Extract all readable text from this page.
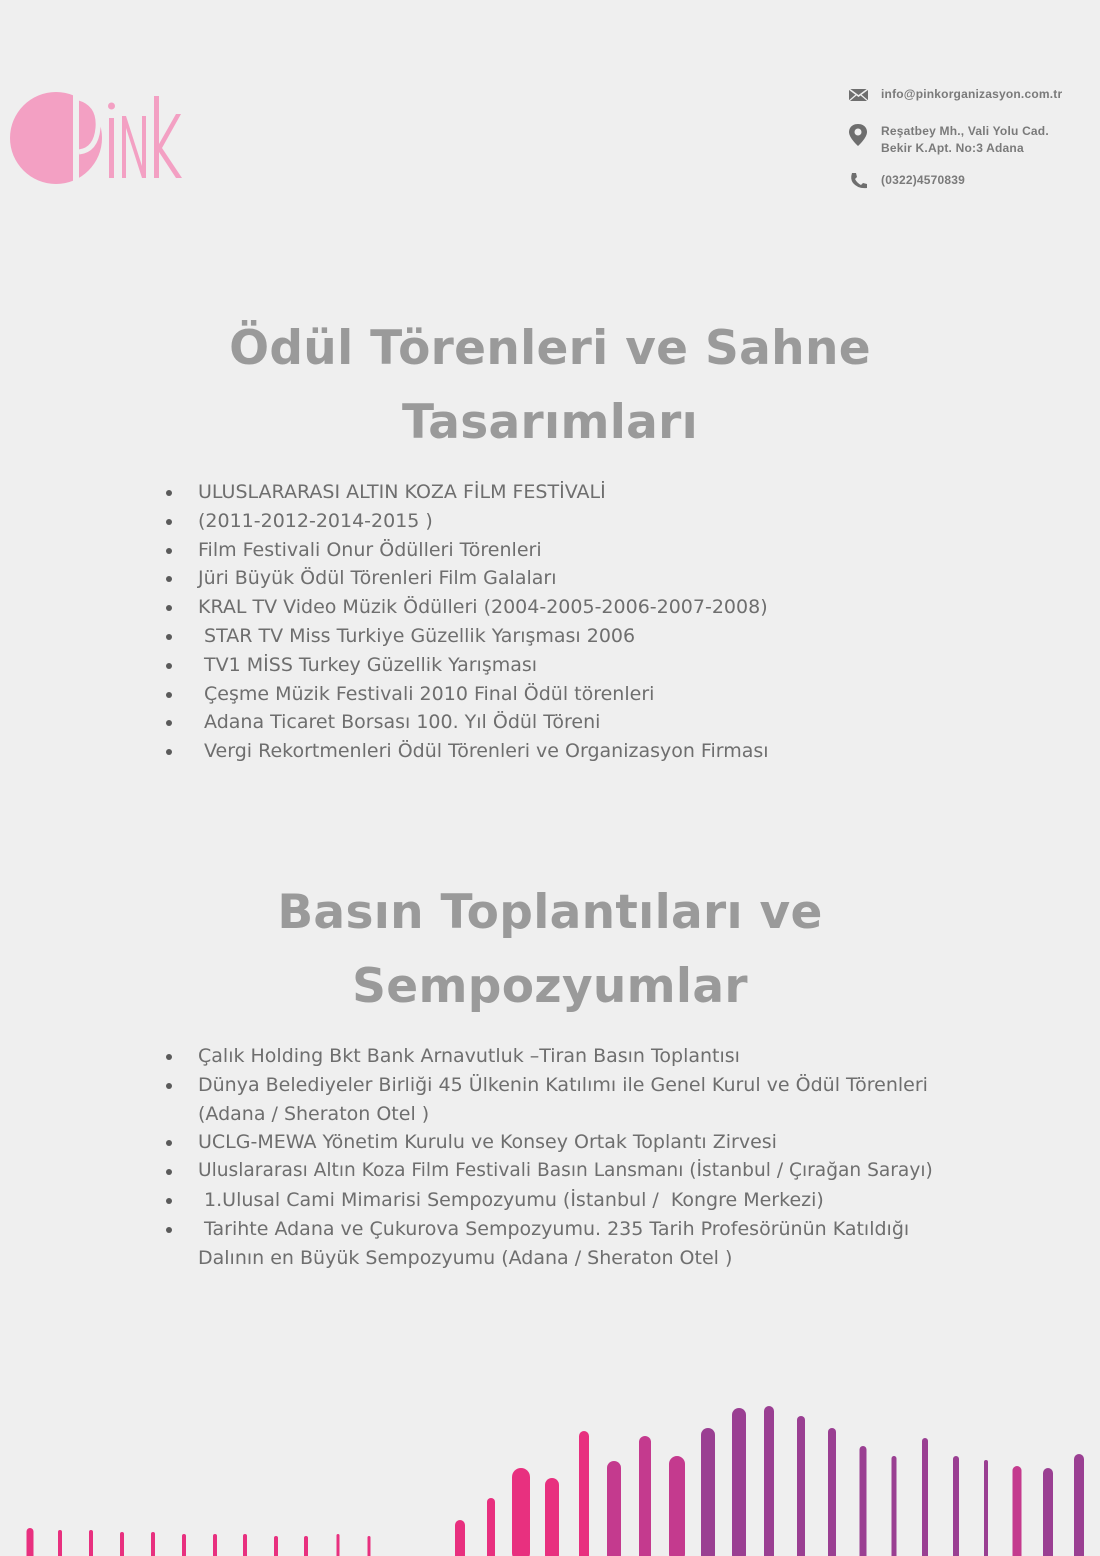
info@pinkorganizasyon.com.tr
Reşatbey Mh., Vali Yolu Cad.
Bekir K.Apt. No:3 Adana
(0322)4570839
Ödül Törenleri ve Sahne
Tasarımları
ULUSLARARASI ALTIN KOZA FİLM FESTİVALİ
(2011-2012-2014-2015 )
Film Festivali Onur Ödülleri Törenleri
Jüri Büyük Ödül Törenleri Film Galaları
KRAL TV Video Müzik Ödülleri (2004-2005-2006-2007-2008)
STAR TV Miss Turkiye Güzellik Yarışması 2006
TV1 MİSS Turkey Güzellik Yarışması
Çeşme Müzik Festivali 2010 Final Ödül törenleri
Adana Ticaret Borsası 100. Yıl Ödül Töreni
Vergi Rekortmenleri Ödül Törenleri ve Organizasyon Firması
Basın Toplantıları ve
Sempozyumlar
Çalık Holding Bkt Bank Arnavutluk –Tiran Basın Toplantısı
Dünya Belediyeler Birliği 45 Ülkenin Katılımı ile Genel Kurul ve Ödül Törenleri (Adana / Sheraton Otel )
UCLG-MEWA Yönetim Kurulu ve Konsey Ortak Toplantı Zirvesi
Uluslararası Altın Koza Film Festivali Basın Lansmanı (İstanbul / Çırağan Sarayı)
1.Ulusal Cami Mimarisi Sempozyumu (İstanbul /  Kongre Merkezi)
Tarihte Adana ve Çukurova Sempozyumu. 235 Tarih Profesörünün Katıldığı Dalının en Büyük Sempozyumu (Adana / Sheraton Otel )
